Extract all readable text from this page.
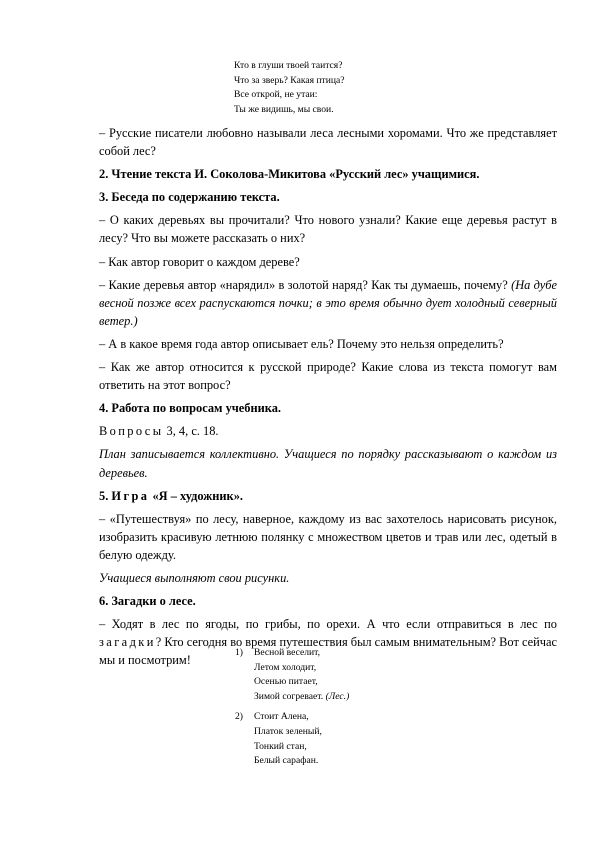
Кто в глуши твоей таится?
Что за зверь? Какая птица?
Все открой, не утаи:
Ты же видишь, мы свои.

– Русские писатели любовно называли леса лесными хоромами. Что же представляет собой лес?

2. Чтение текста И. Соколова-Микитова «Русский лес» учащимися.

3. Беседа по содержанию текста.

– О каких деревьях вы прочитали? Что нового узнали? Какие еще деревья растут в лесу? Что вы можете рассказать о них?

– Как автор говорит о каждом дереве?

– Какие деревья автор «нарядил» в золотой наряд? Как ты думаешь, почему? (На дубе весной позже всех распускаются почки; в это время обычно дует холодный северный ветер.)

– А в какое время года автор описывает ель? Почему это нельзя определить?

– Как же автор относится к русской природе? Какие слова из текста помогут вам ответить на этот вопрос?

4. Работа по вопросам учебника.

Вопросы 3, 4, с. 18.

План записывается коллективно. Учащиеся по порядку рассказывают о каждом из деревьев.

5. Игра «Я – художник».

– «Путешествуя» по лесу, наверное, каждому из вас захотелось нарисовать рисунок, изобразить красивую летнюю полянку с множеством цветов и трав или лес, одетый в белую одежду.

Учащиеся выполняют свои рисунки.

6. Загадки о лесе.

– Ходят в лес по ягоды, по грибы, по орехи. А что если отправиться в лес по загадки? Кто сегодня во время путешествия был самым внимательным? Вот сейчас мы и посмотрим!

1)	Весной веселит,
Летом холодит,
Осенью питает,
Зимой согревает. (Лес.)
2)	Стоит Алена,
Платок зеленый,
Тонкий стан,
Белый сарафан.
